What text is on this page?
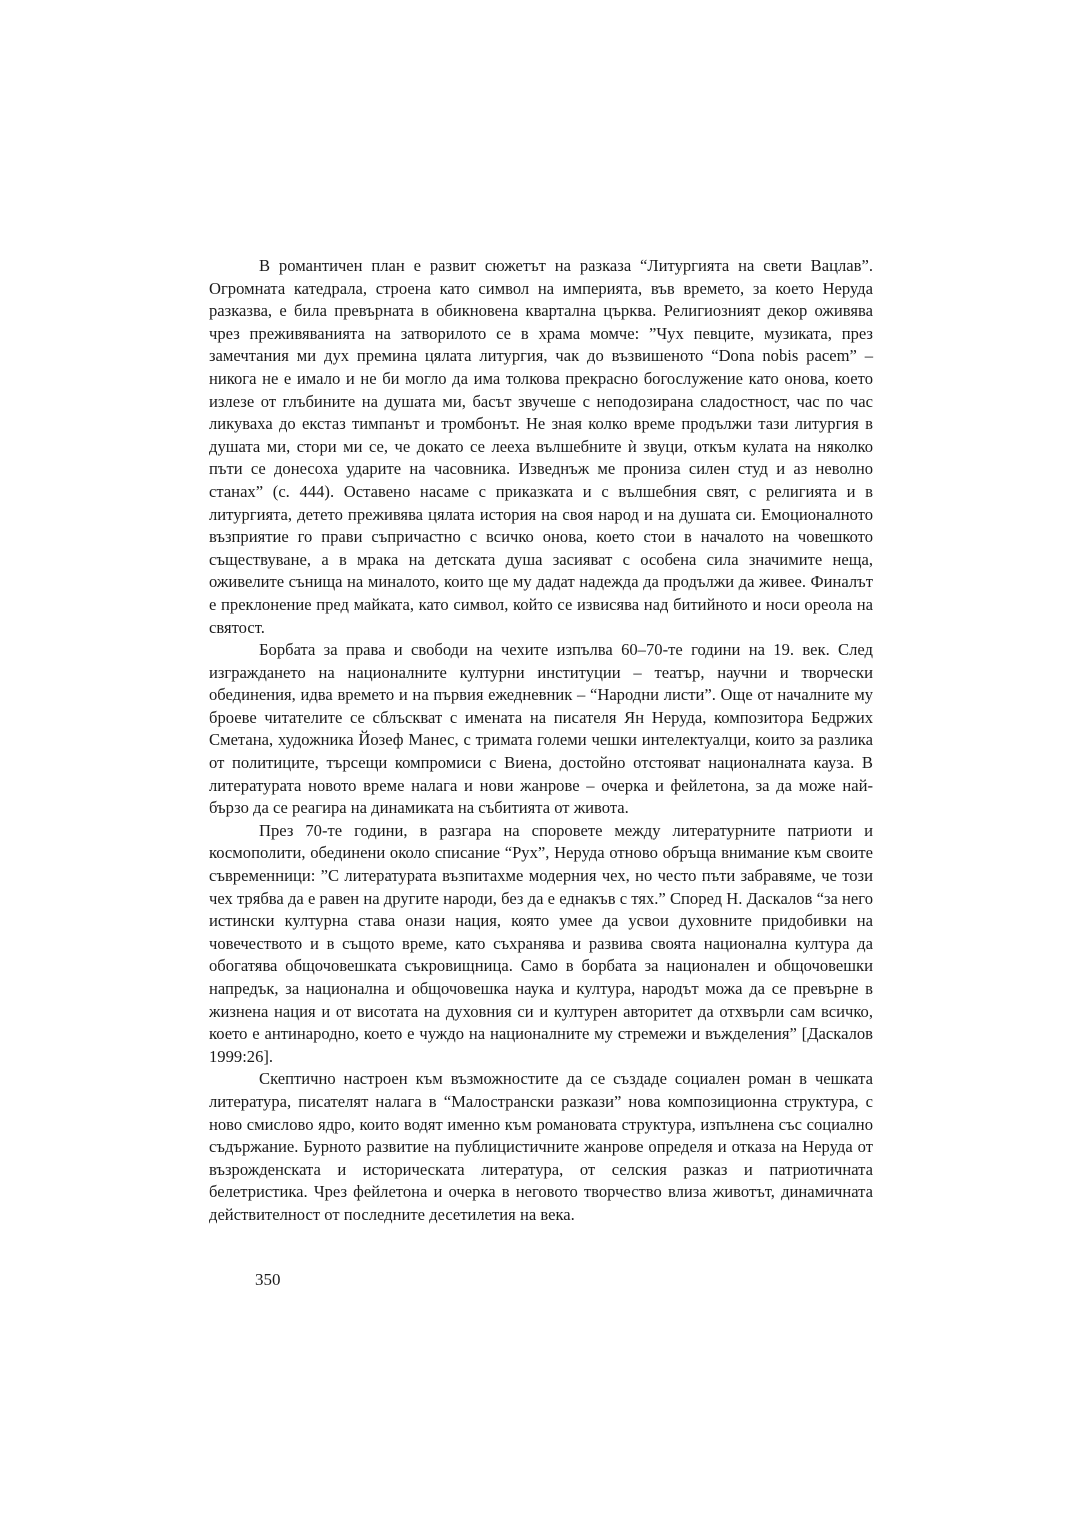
В романтичен план е развит сюжетът на разказа “Литургията на свети Вацлав”. Огромната катедрала, строена като символ на империята, във времето, за което Неруда разказва, е била превърната в обикновена квартална църква. Религиозният декор оживява чрез преживяванията на затворилото се в храма момче: ”Чух певците, музиката, през замечтания ми дух премина цялата литургия, чак до възвишеното “Dona nobis pacem” – никога не е имало и не би могло да има толкова прекрасно богослужение като онова, което излезе от глъбините на душата ми, басът звучеше с неподозирана сладостност, час по час ликуваха до екстаз тимпанът и тромбонът. Не зная колко време продължи тази литургия в душата ми, стори ми се, че докато се лееха вълшебните ѝ звуци, откъм кулата на няколко пъти се донесоха ударите на часовника. Изведнъж ме прониза силен студ и аз неволно станах” (с. 444). Оставено насаме с приказката и с вълшебния свят, с религията и в литургията, детето преживява цялата история на своя народ и на душата си. Емоционалното възприятие го прави съпричастно с всичко онова, което стои в началото на човешкото съществуване, а в мрака на детската душа засияват с особена сила значимите неща, оживелите сънища на миналото, които ще му дадат надежда да продължи да живее. Финалът е преклонение пред майката, като символ, който се извисява над битийното и носи ореола на святост.

Борбата за права и свободи на чехите изпълва 60–70-те години на 19. век. След изграждането на националните културни институции – театър, научни и творчески обединения, идва времето и на първия ежедневник – “Народни листи”. Още от началните му броеве читателите се сблъскват с имената на писателя Ян Неруда, композитора Бедржих Сметана, художника Йозеф Манес, с тримата големи чешки интелектуалци, които за разлика от политиците, търсещи компромиси с Виена, достойно отстояват националната кауза. В литературата новото време налага и нови жанрове – очерка и фейлетона, за да може най-бързо да се реагира на динамиката на събитията от живота.

През 70-те години, в разгара на споровете между литературните патриоти и космополити, обединени около списание “Рух”, Неруда отново обръща внимание към своите съвременници: ”С литературата възпитахме модерния чех, но често пъти забравяме, че този чех трябва да е равен на другите народи, без да е еднакъв с тях.” Според Н. Даскалов “за него истински културна става онази нация, която умее да усвои духовните придобивки на човечеството и в същото време, като съхранява и развива своята национална култура да обогатява общочовешката съкровищница. Само в борбата за национален и общочовешки напредък, за национална и общочовешка наука и култура, народът можа да се превърне в жизнена нация и от висотата на духовния си и културен авторитет да отхвърли сам всичко, което е антинародно, което е чуждо на националните му стремежи и въжделения” [Даскалов 1999:26].

Скептично настроен към възможностите да се създаде социален роман в чешката литература, писателят налага в “Малострански разкази” нова композиционна структура, с ново смислово ядро, които водят именно към романовата структура, изпълнена със социално съдържание. Бурното развитие на публицистичните жанрове определя и отказа на Неруда от възрожденската и историческата литература, от селския разказ и патриотичната белетристика. Чрез фейлетона и очерка в неговото творчество влиза животът, динамичната действителност от последните десетилетия на века.

350
